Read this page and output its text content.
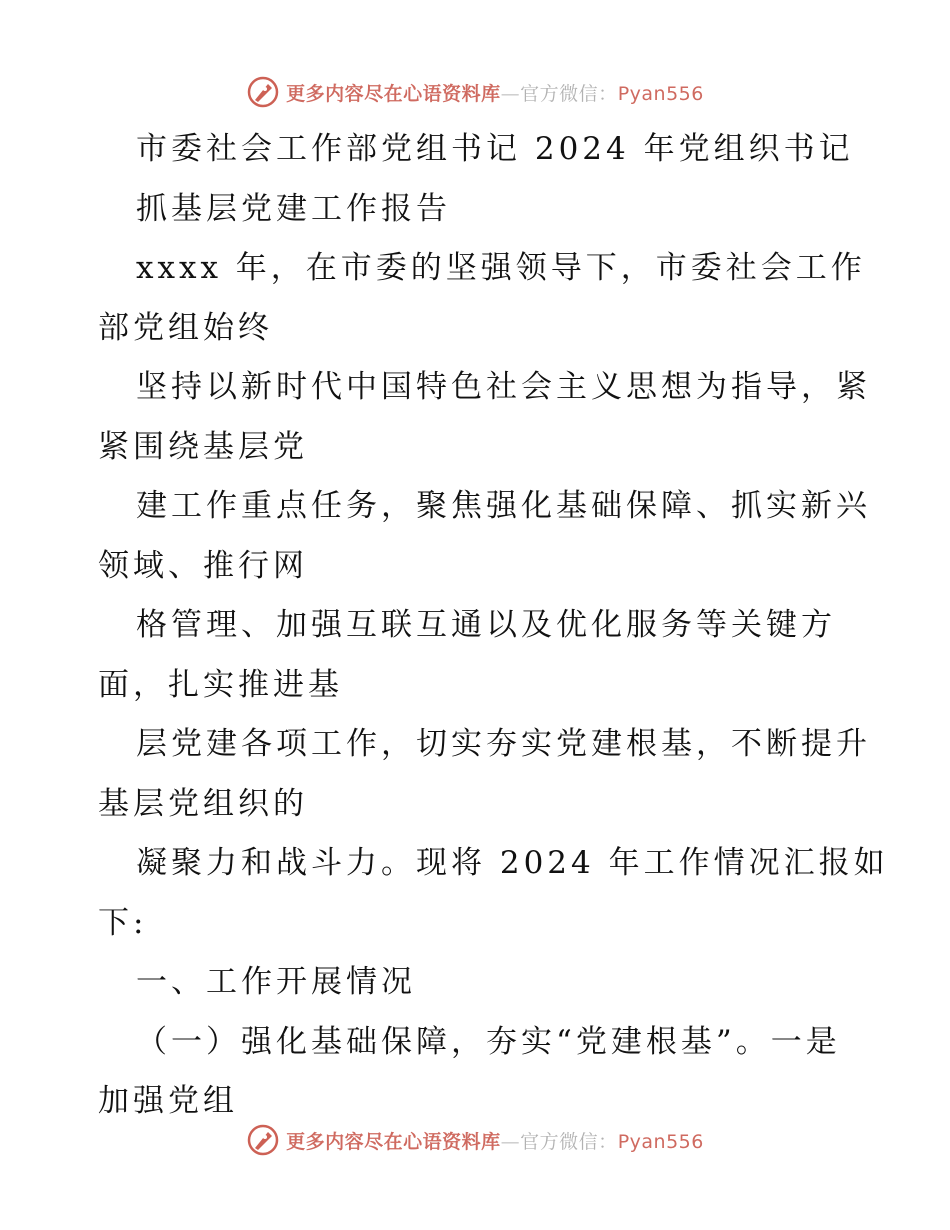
更多内容尽在心语资料库—官方微信：Pyan556
市委社会工作部党组书记 2024 年党组织书记
抓基层党建工作报告
xxxx 年，在市委的坚强领导下，市委社会工作
部党组始终
坚持以新时代中国特色社会主义思想为指导，紧
紧围绕基层党
建工作重点任务，聚焦强化基础保障、抓实新兴
领域、推行网
格管理、加强互联互通以及优化服务等关键方
面，扎实推进基
层党建各项工作，切实夯实党建根基，不断提升
基层党组织的
凝聚力和战斗力。现将 2024 年工作情况汇报如
下:
一、工作开展情况
（一）强化基础保障，夯实“党建根基”。一是
加强党组
更多内容尽在心语资料库—官方微信：Pyan556
